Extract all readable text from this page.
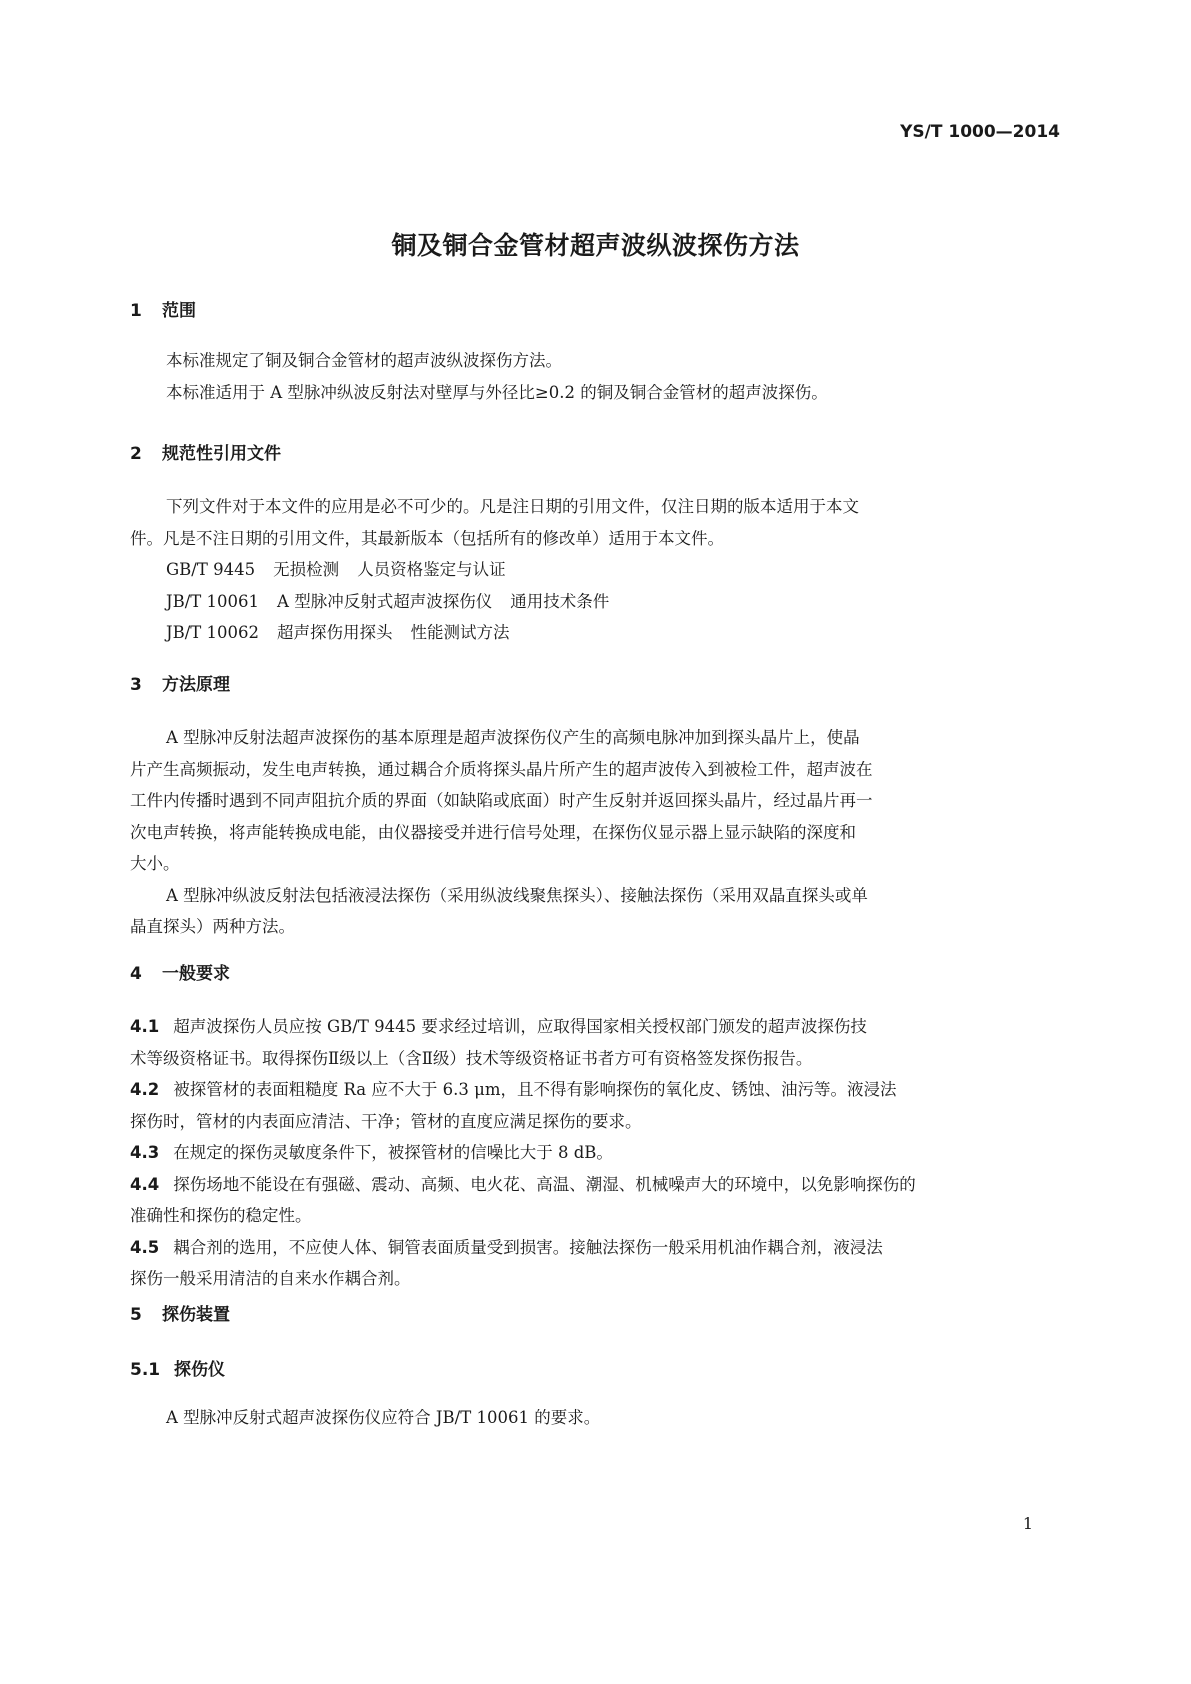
YS/T 1000—2014
铜及铜合金管材超声波纵波探伤方法
1 范围
本标准规定了铜及铜合金管材的超声波纵波探伤方法。
本标准适用于 A 型脉冲纵波反射法对壁厚与外径比≥0.2 的铜及铜合金管材的超声波探伤。
2 规范性引用文件
下列文件对于本文件的应用是必不可少的。凡是注日期的引用文件，仅注日期的版本适用于本文
件。凡是不注日期的引用文件，其最新版本（包括所有的修改单）适用于本文件。
GB/T 9445 无损检测 人员资格鉴定与认证
JB/T 10061 A 型脉冲反射式超声波探伤仪 通用技术条件
JB/T 10062 超声探伤用探头 性能测试方法
3 方法原理
A 型脉冲反射法超声波探伤的基本原理是超声波探伤仪产生的高频电脉冲加到探头晶片上，使晶
片产生高频振动，发生电声转换，通过耦合介质将探头晶片所产生的超声波传入到被检工件，超声波在
工件内传播时遇到不同声阻抗介质的界面（如缺陷或底面）时产生反射并返回探头晶片，经过晶片再一
次电声转换，将声能转换成电能，由仪器接受并进行信号处理，在探伤仪显示器上显示缺陷的深度和
大小。
A 型脉冲纵波反射法包括液浸法探伤（采用纵波线聚焦探头）、接触法探伤（采用双晶直探头或单
晶直探头）两种方法。
4 一般要求
4.1 超声波探伤人员应按 GB/T 9445 要求经过培训，应取得国家相关授权部门颁发的超声波探伤技
术等级资格证书。取得探伤Ⅱ级以上（含Ⅱ级）技术等级资格证书者方可有资格签发探伤报告。
4.2 被探管材的表面粗糙度 Ra 应不大于 6.3 μm，且不得有影响探伤的氧化皮、锈蚀、油污等。液浸法
探伤时，管材的内表面应清洁、干净；管材的直度应满足探伤的要求。
4.3 在规定的探伤灵敏度条件下，被探管材的信噪比大于 8 dB。
4.4 探伤场地不能设在有强磁、震动、高频、电火花、高温、潮湿、机械噪声大的环境中，以免影响探伤的
准确性和探伤的稳定性。
4.5 耦合剂的选用，不应使人体、铜管表面质量受到损害。接触法探伤一般采用机油作耦合剂，液浸法
探伤一般采用清洁的自来水作耦合剂。
5 探伤装置
5.1 探伤仪
A 型脉冲反射式超声波探伤仪应符合 JB/T 10061 的要求。
1
